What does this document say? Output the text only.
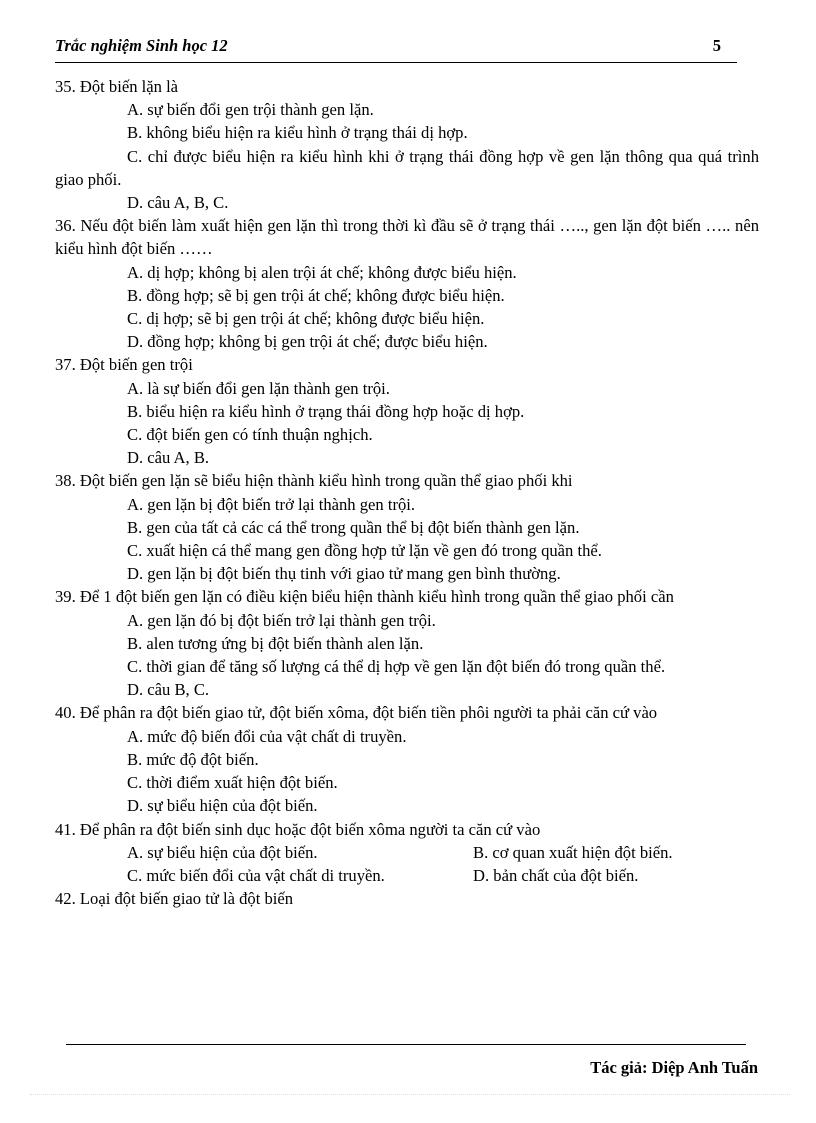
Trắc nghiệm Sinh học 12	5

35. Đột biến lặn là

A. sự biến đổi gen trội thành gen lặn.

B. không biểu hiện ra kiểu hình ở trạng thái dị hợp.

C. chỉ được biểu hiện ra kiểu hình khi ở trạng thái đồng hợp về gen lặn thông qua quá trình giao phối.

D. câu A, B, C.

36. Nếu đột biến làm xuất hiện gen lặn thì trong thời kì đầu sẽ ở trạng thái ….., gen lặn đột biến ….. nên kiểu hình đột biến ……

A. dị hợp; không bị alen trội át chế; không được biểu hiện.

B. đồng hợp; sẽ bị gen trội át chế; không được biểu hiện.

C. dị hợp; sẽ bị gen trội át chế; không được biểu hiện.

D. đồng hợp; không bị gen trội át chế; được biểu hiện.

37. Đột biến gen trội

A. là sự biến đổi gen lặn thành gen trội.

B. biểu hiện ra kiểu hình ở trạng thái đồng hợp hoặc dị hợp.

C. đột biến gen có tính thuận nghịch.

D. câu A, B.

38. Đột biến gen lặn sẽ biểu hiện thành kiểu hình trong quần thể giao phối khi

A. gen lặn bị đột biến trở lại thành gen trội.

B. gen của tất cả các cá thể trong quần thể bị đột biến thành gen lặn.

C. xuất hiện cá thể mang gen đồng hợp tử lặn về gen đó trong quần thể.

D. gen lặn bị đột biến thụ tinh với giao tử mang gen bình thường.

39. Để 1 đột biến gen lặn có điều kiện biểu hiện thành kiểu hình trong quần thể giao phối cần

A. gen lặn đó bị đột biến trở lại thành gen trội.

B. alen tương ứng bị đột biến thành alen lặn.

C. thời gian để tăng số lượng cá thể dị hợp về gen lặn đột biến đó trong quần thể.

D. câu B, C.

40. Để phân ra đột biến giao tử, đột biến xôma, đột biến tiền phôi người ta phải căn cứ vào

A. mức độ biến đổi của vật chất di truyền.

B. mức độ đột biến.

C. thời điểm xuất hiện đột biến.

D. sự biểu hiện của đột biến.

41. Để phân ra đột biến sinh dục hoặc đột biến xôma người ta căn cứ vào

A. sự biểu hiện của đột biến.	B. cơ quan xuất hiện đột biến.
C. mức biến đổi của vật chất di truyền.	D. bản chất của đột biến.

42. Loại đột biến giao tử là đột biến

Tác giả: Diệp Anh Tuấn
